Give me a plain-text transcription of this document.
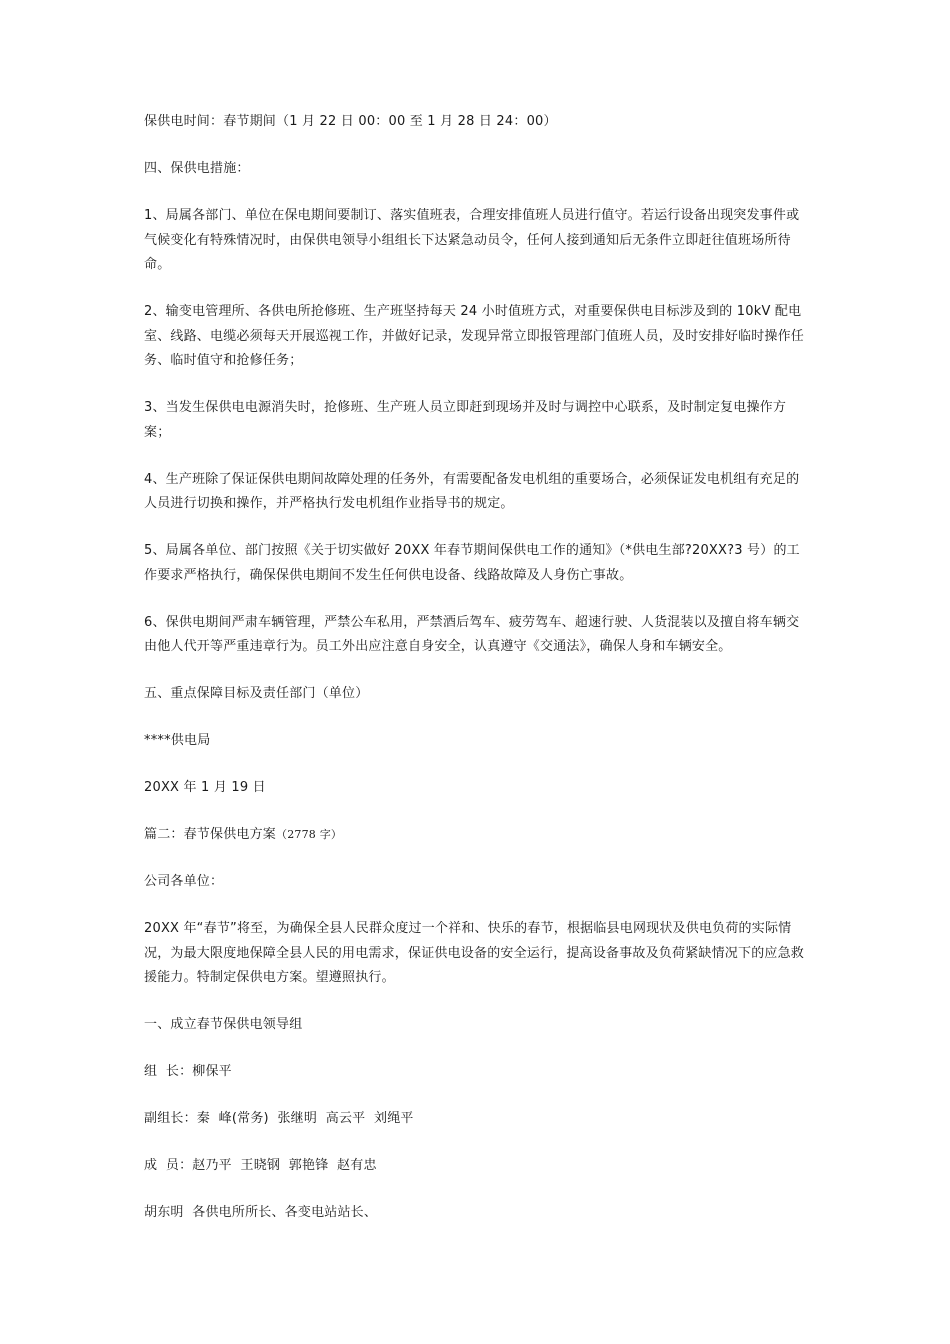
保供电时间：春节期间（1 月 22 日 00：00 至 1 月 28 日 24：00）

四、保供电措施：

1、局属各部门、单位在保电期间要制订、落实值班表，合理安排值班人员进行值守。若运行设备出现突发事件或气候变化有特殊情况时，由保供电领导小组组长下达紧急动员令，任何人接到通知后无条件立即赶往值班场所待命。

2、输变电管理所、各供电所抢修班、生产班坚持每天 24 小时值班方式，对重要保供电目标涉及到的 10kV 配电室、线路、电缆必须每天开展巡视工作，并做好记录，发现异常立即报管理部门值班人员，及时安排好临时操作任务、临时值守和抢修任务；

3、当发生保供电电源消失时，抢修班、生产班人员立即赶到现场并及时与调控中心联系，及时制定复电操作方案；

4、生产班除了保证保供电期间故障处理的任务外，有需要配备发电机组的重要场合，必须保证发电机组有充足的人员进行切换和操作，并严格执行发电机组作业指导书的规定。

5、局属各单位、部门按照《关于切实做好 20XX 年春节期间保供电工作的通知》（*供电生部?20XX?3 号）的工作要求严格执行，确保保供电期间不发生任何供电设备、线路故障及人身伤亡事故。

6、保供电期间严肃车辆管理，严禁公车私用，严禁酒后驾车、疲劳驾车、超速行驶、人货混装以及擅自将车辆交由他人代开等严重违章行为。员工外出应注意自身安全，认真遵守《交通法》，确保人身和车辆安全。

五、重点保障目标及责任部门（单位）

****供电局

20XX 年 1 月 19 日

篇二：春节保供电方案（2778 字）

公司各单位：

20XX 年“春节”将至，为确保全县人民群众度过一个祥和、快乐的春节，根据临县电网现状及供电负荷的实际情况，为最大限度地保障全县人民的用电需求，保证供电设备的安全运行，提高设备事故及负荷紧缺情况下的应急救援能力。特制定保供电方案。望遵照执行。

一、成立春节保供电领导组

组  长：柳保平

副组长：秦  峰(常务)  张继明  高云平  刘绳平

成  员：赵乃平  王晓钢  郭艳锋  赵有忠

胡东明  各供电所所长、各变电站站长、
